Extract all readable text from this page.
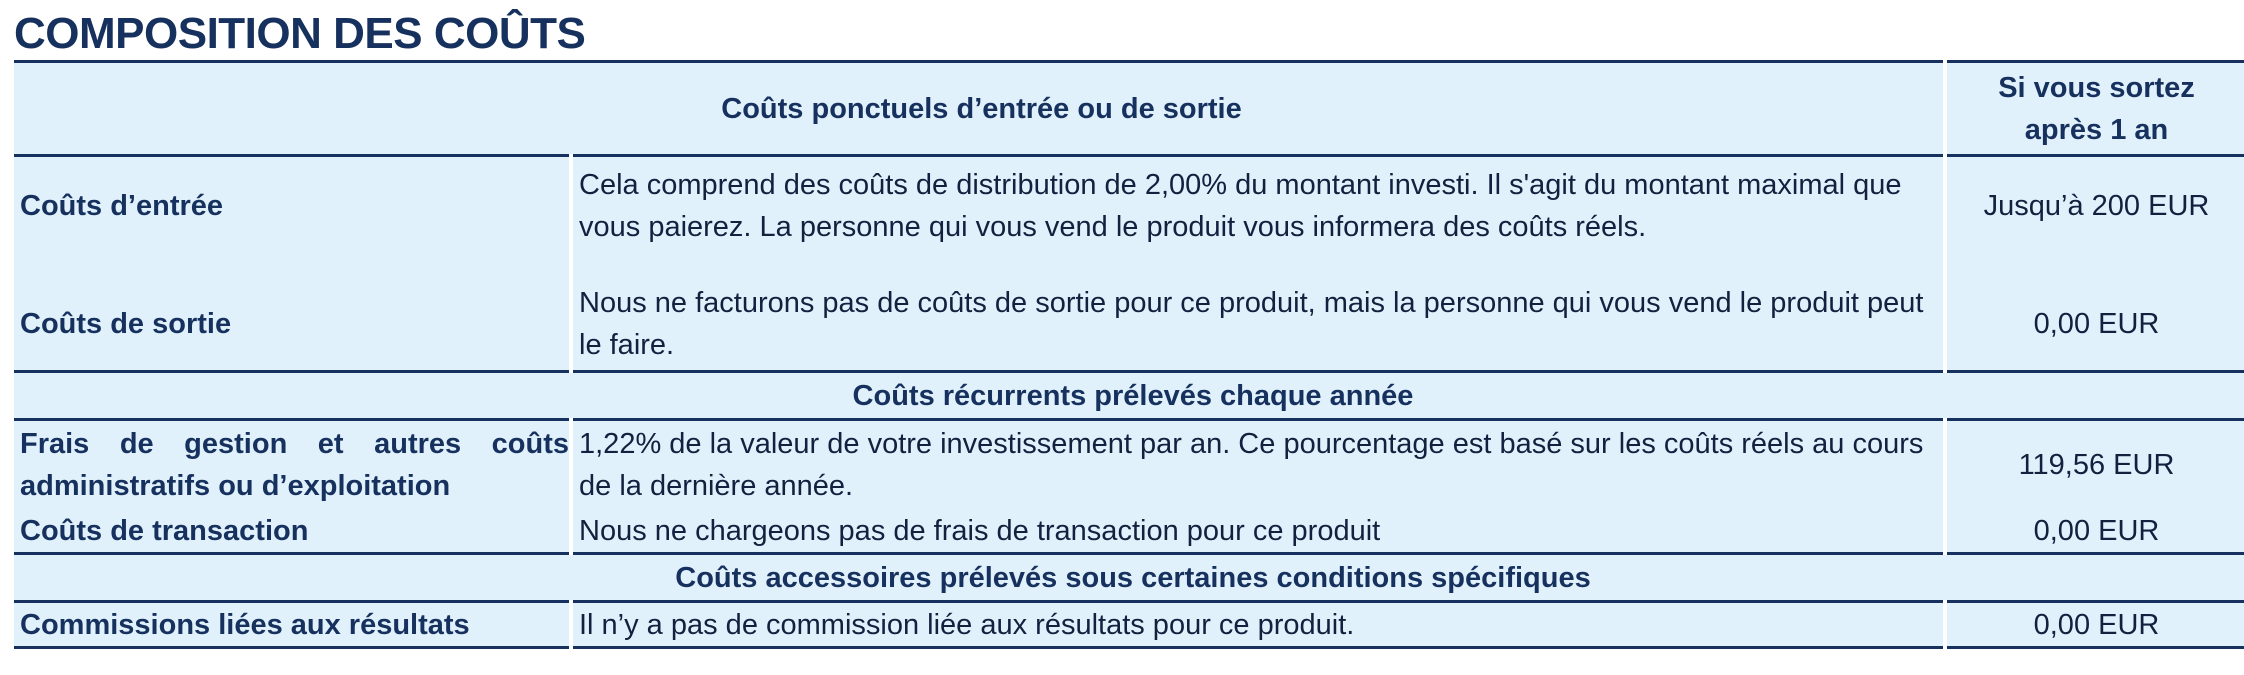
COMPOSITION DES COÛTS
Coûts ponctuels d’entrée ou de sortie		Si vous sortez
après 1 an
Coûts d’entrée	Cela comprend des coûts de distribution de 2,00% du montant investi. Il s'agit du montant maximal que vous paierez. La personne qui vous vend le produit vous informera des coûts réels.	Jusqu’à 200 EUR
Coûts de sortie	Nous ne facturons pas de coûts de sortie pour ce produit, mais la personne qui vous vend le produit peut le faire.	0,00 EUR
Coûts récurrents prélevés chaque année		
Frais de gestion et autres coûts administratifs ou d’exploitation	1,22% de la valeur de votre investissement par an. Ce pourcentage est basé sur les coûts réels au cours de la dernière année.	119,56 EUR
Coûts de transaction	Nous ne chargeons pas de frais de transaction pour ce produit	0,00 EUR
Coûts accessoires prélevés sous certaines conditions spécifiques		
Commissions liées aux résultats	Il n’y a pas de commission liée aux résultats pour ce produit.	0,00 EUR
